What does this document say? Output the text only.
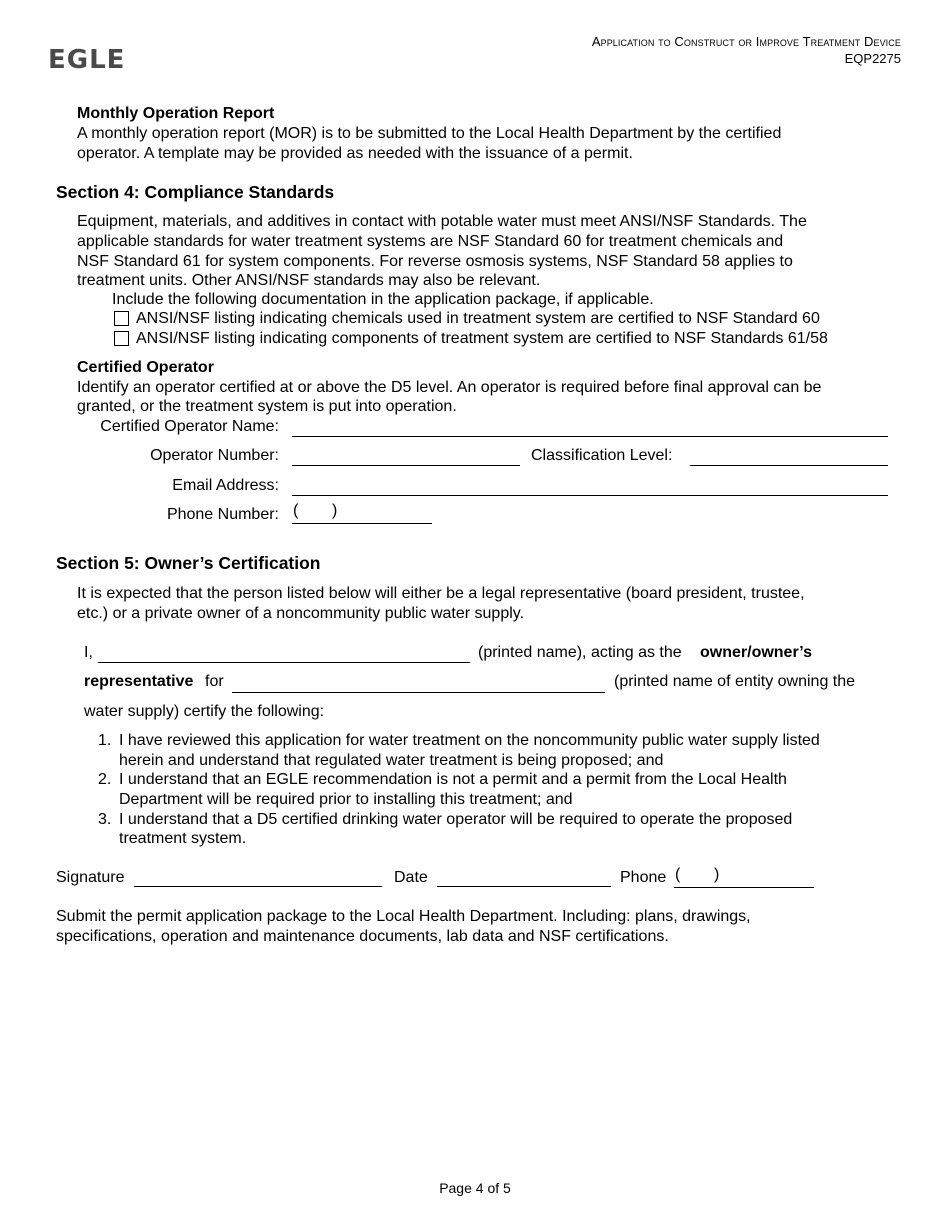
EGLE
Application to Construct or Improve Treatment Device
EQP2275
Monthly Operation Report
A monthly operation report (MOR) is to be submitted to the Local Health Department by the certified
operator. A template may be provided as needed with the issuance of a permit.
Section 4: Compliance Standards
Equipment, materials, and additives in contact with potable water must meet ANSI/NSF Standards. The
applicable standards for water treatment systems are NSF Standard 60 for treatment chemicals and
NSF Standard 61 for system components. For reverse osmosis systems, NSF Standard 58 applies to
treatment units. Other ANSI/NSF standards may also be relevant.
Include the following documentation in the application package, if applicable.
ANSI/NSF listing indicating chemicals used in treatment system are certified to NSF Standard 60
ANSI/NSF listing indicating components of treatment system are certified to NSF Standards 61/58
Certified Operator
Identify an operator certified at or above the D5 level. An operator is required before final approval can be
granted, or the treatment system is put into operation.
Certified Operator Name:
Operator Number:	Classification Level:
Email Address:
Phone Number: ( )
Section 5: Owner’s Certification
It is expected that the person listed below will either be a legal representative (board president, trustee,
etc.) or a private owner of a noncommunity public water supply.
I,	(printed name), acting as the owner/owner’s
representative for	(printed name of entity owning the
water supply) certify the following:
1. I have reviewed this application for water treatment on the noncommunity public water supply listed
herein and understand that regulated water treatment is being proposed; and
2. I understand that an EGLE recommendation is not a permit and a permit from the Local Health
Department will be required prior to installing this treatment; and
3. I understand that a D5 certified drinking water operator will be required to operate the proposed
treatment system.
Signature	Date	Phone ( )
Submit the permit application package to the Local Health Department. Including: plans, drawings,
specifications, operation and maintenance documents, lab data and NSF certifications.
Page 4 of 5
